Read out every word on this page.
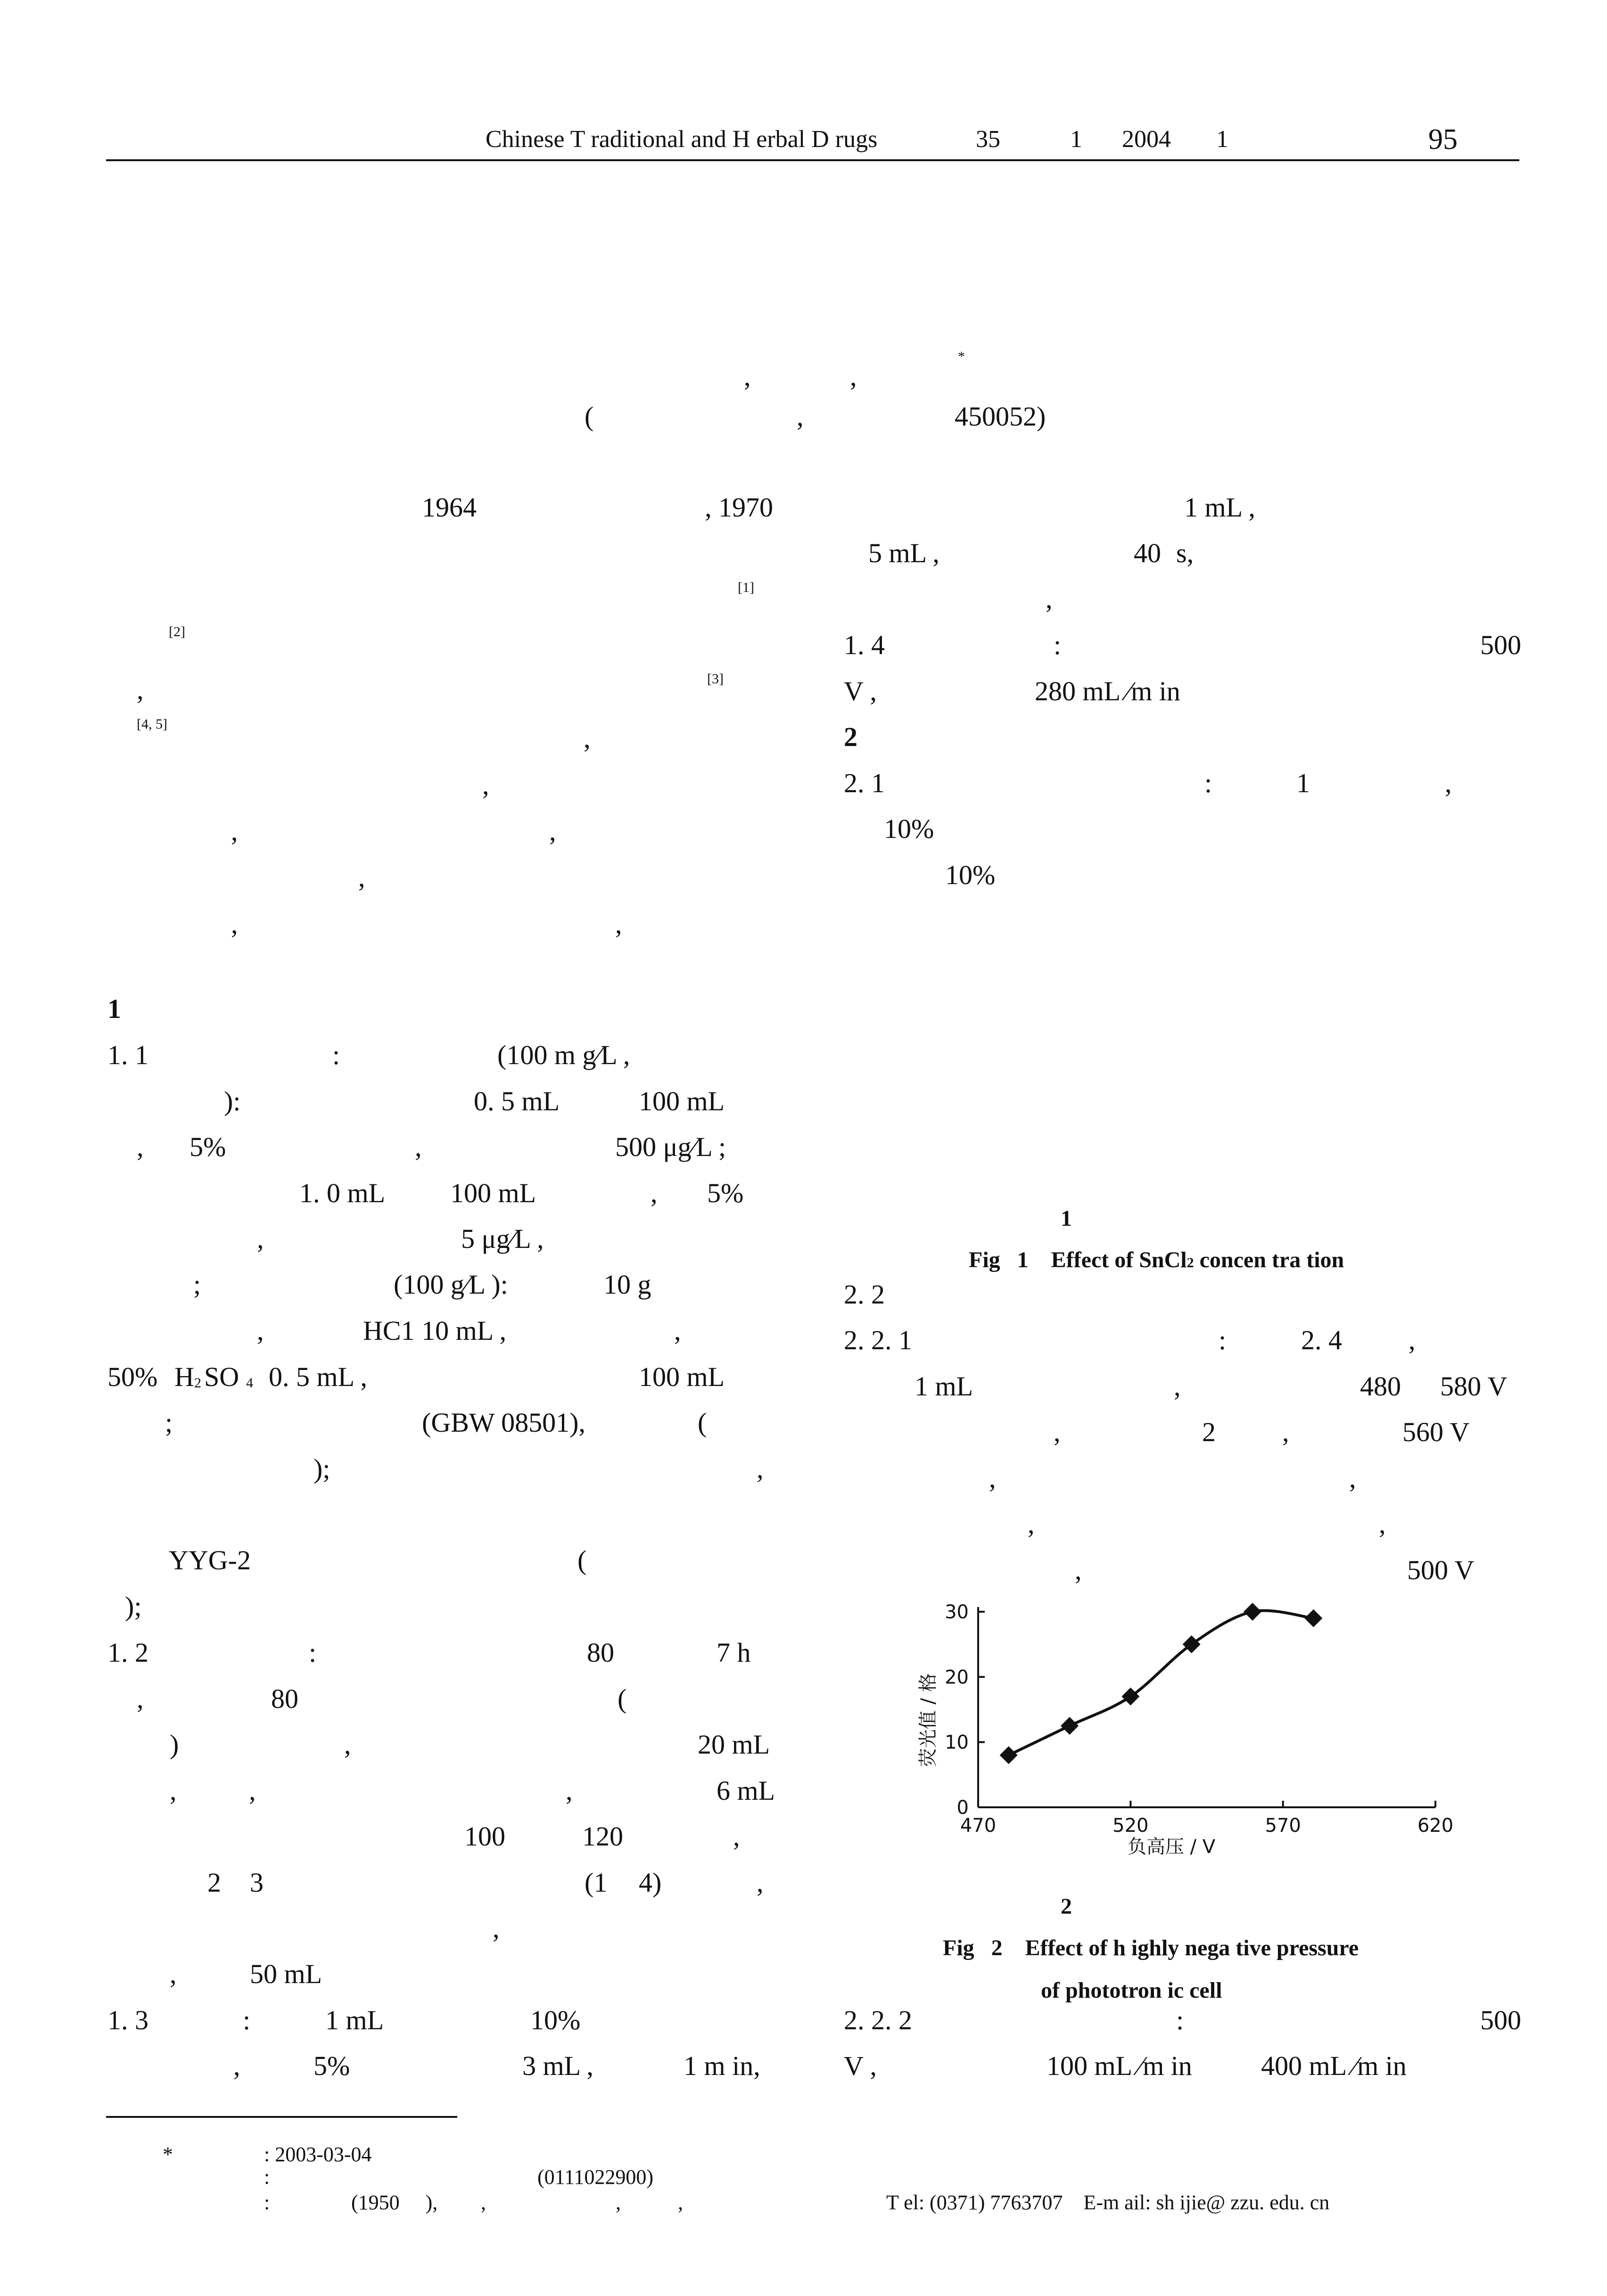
Chinese T raditional and H erbal D rugs	35	1 2004 1	95
*
,	,
(	,	450052)
1964	, 1970
[1]
[2]
,	[3]
[4, 5]	,
,
,	,
,
,	,
1
1. 1	:	(100 m g∕L ,
):	0. 5 mL	100 mL
, 5%	,	500 μg∕L ;
1. 0 mL 100 mL	, 5%
,	5 μg∕L ,
;	(100 g∕L ):	10 g
,	HC1 10 mL ,	,
50% H 2 SO 4 0. 5 mL ,	100 mL
;	(GBW 08501),	(
);	,
YYG-2	(
);
1. 2	:	80	7 h
,	80	(
)	,	20 mL
,	,	,	6 mL
100	120	,
2 3	(1 4)	,
,
,	50 mL
1. 3	:	1 mL	10%
,	5%	3 mL ,	1 m in,
1 mL ,
5 mL ,	40 s,
,
1. 4	:	500
V ,	280 mL ∕m in
2
2. 1	:	1	,
10%
10%
1
Fig   1    Effect of SnCl2 concen tra tion
2. 2
2. 2. 1	:	2. 4 ,
1 mL	,	480 580 V
,	2 ,	560 V
,	,
,	,
,	500 V
470	520	570	620
0
10
20
30
荧光值 / 格
负高压 / V
2
Fig   2    Effect of h ighly nega tive pressure
of phototron ic cell
2. 2. 2	:	500
V ,	100 mL ∕m in	400 mL ∕m in
*	: 2003-03-04
:	(0111022900)
:	(1950     ), ,                         ,           ,	T el: (0371) 7763707    E-m ail: sh ijie@ zzu. edu. cn
